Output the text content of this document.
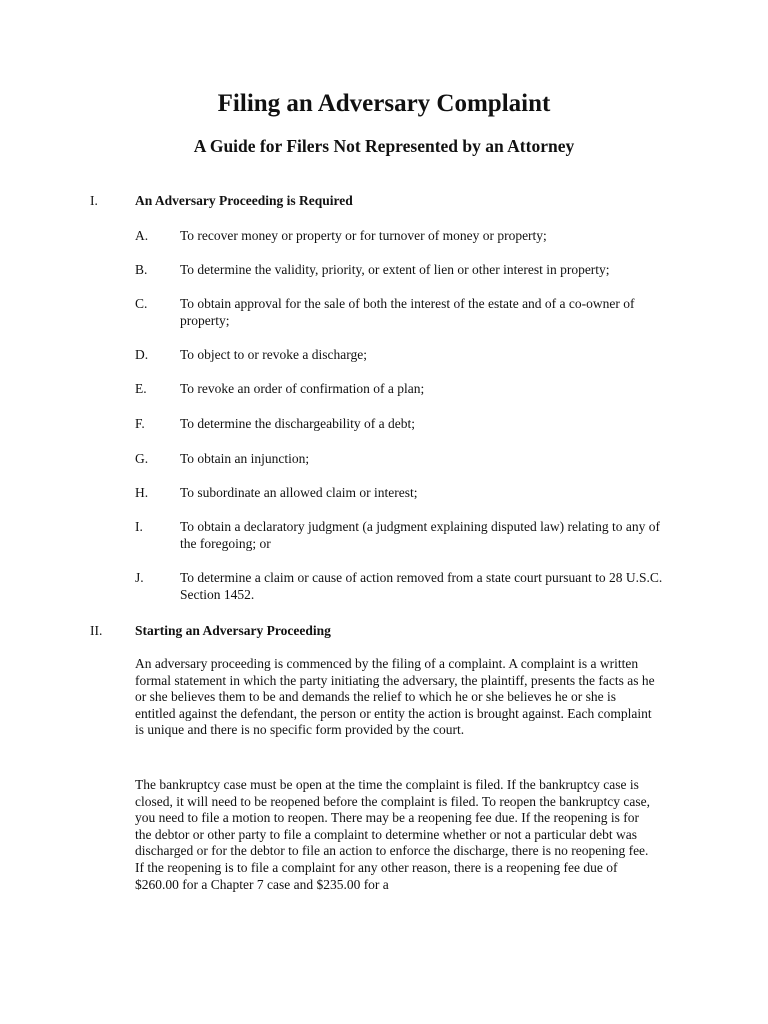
Filing an Adversary Complaint
A Guide for Filers Not Represented by an Attorney
I.	An Adversary Proceeding is Required
A.	To recover money or property or for turnover of money or property;
B.	To determine the validity, priority, or extent of lien or other interest in property;
C.	To obtain approval for the sale of both the interest of the estate and of a co-owner of property;
D.	To object to or revoke a discharge;
E.	To revoke an order of confirmation of a plan;
F.	To determine the dischargeability of a debt;
G.	To obtain an injunction;
H.	To subordinate an allowed claim or interest;
I.	To obtain a declaratory judgment (a judgment explaining disputed law) relating to any of the foregoing; or
J.	To determine a claim or cause of action removed from a state court pursuant to 28 U.S.C. Section 1452.
II. Starting an Adversary Proceeding

An adversary proceeding is commenced by the filing of a complaint. A complaint is a written formal statement in which the party initiating the adversary, the plaintiff, presents the facts as he or she believes them to be and demands the relief to which he or she believes he or she is entitled against the defendant, the person or entity the action is brought against. Each complaint is unique and there is no specific form provided by the court.

The bankruptcy case must be open at the time the complaint is filed. If the bankruptcy case is closed, it will need to be reopened before the complaint is filed. To reopen the bankruptcy case, you need to file a motion to reopen. There may be a reopening fee due. If the reopening is for the debtor or other party to file a complaint to determine whether or not a particular debt was discharged or for the debtor to file an action to enforce the discharge, there is no reopening fee. If the reopening is to file a complaint for any other reason, there is a reopening fee due of $260.00 for a Chapter 7 case and $235.00 for a
